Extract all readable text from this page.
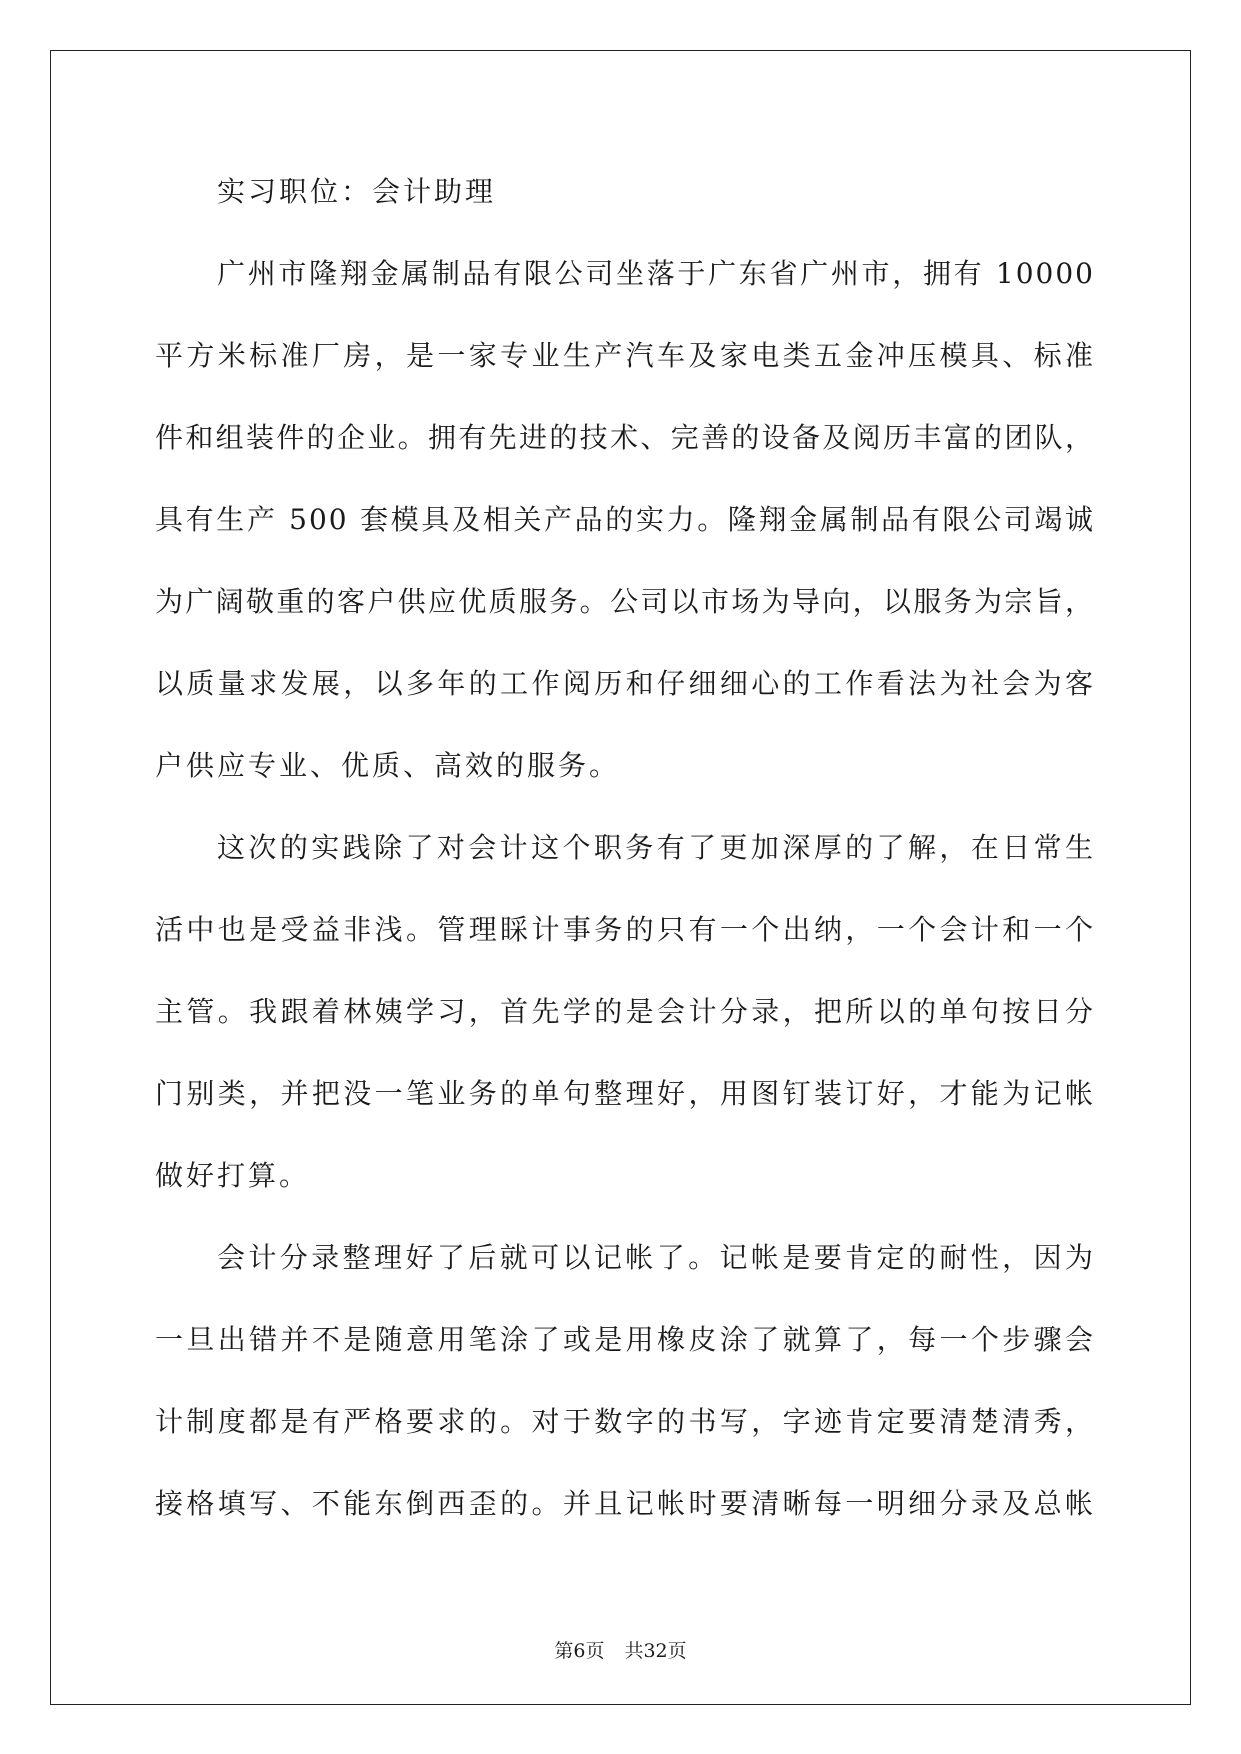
实习职位：会计助理
广州市隆翔金属制品有限公司坐落于广东省广州市，拥有 10000
平方米标准厂房，是一家专业生产汽车及家电类五金冲压模具、标准
件和组装件的企业。拥有先进的技术、完善的设备及阅历丰富的团队，
具有生产 500 套模具及相关产品的实力。隆翔金属制品有限公司竭诚
为广阔敬重的客户供应优质服务。公司以市场为导向，以服务为宗旨，
以质量求发展，以多年的工作阅历和仔细细心的工作看法为社会为客
户供应专业、优质、高效的服务。
这次的实践除了对会计这个职务有了更加深厚的了解，在日常生
活中也是受益非浅。管理睬计事务的只有一个出纳，一个会计和一个
主管。我跟着林姨学习，首先学的是会计分录，把所以的单句按日分
门别类，并把没一笔业务的单句整理好，用图钉装订好，才能为记帐
做好打算。
会计分录整理好了后就可以记帐了。记帐是要肯定的耐性，因为
一旦出错并不是随意用笔涂了或是用橡皮涂了就算了，每一个步骤会
计制度都是有严格要求的。对于数字的书写，字迹肯定要清楚清秀，
接格填写、不能东倒西歪的。并且记帐时要清晰每一明细分录及总帐
第6页 共32页
